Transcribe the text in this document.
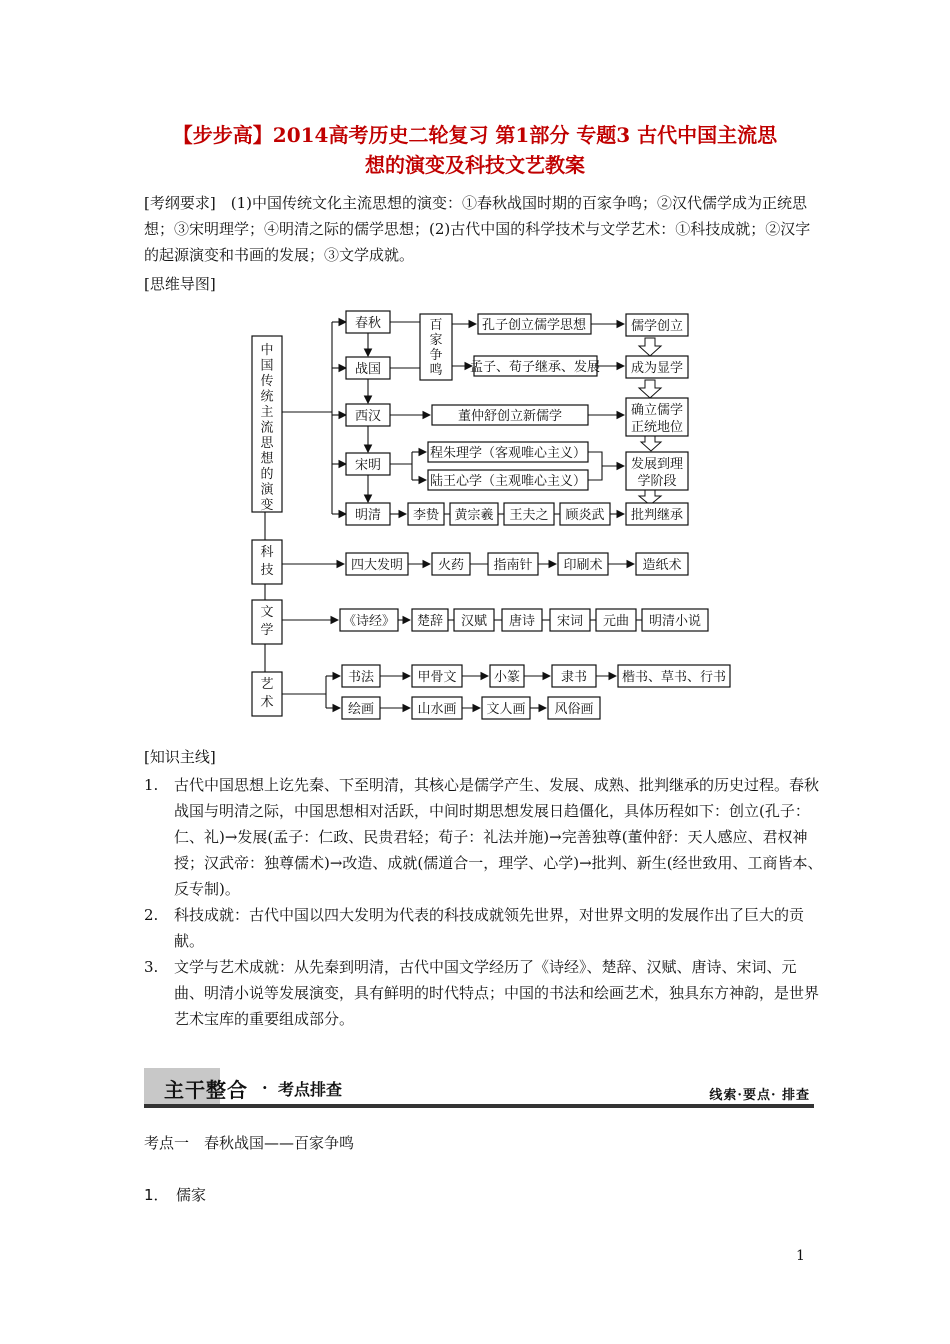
【步步高】2014高考历史二轮复习 第1部分 专题3 古代中国主流思
想的演变及科技文艺教案

[考纲要求]　 (1)中国传统文化主流思想的演变：①春秋战国时期的百家争鸣；②汉代儒学成为正统思想；③宋明理学；④明清之际的儒学思想；(2)古代中国的科学技术与文学艺术：①科技成就；②汉字的起源演变和书画的发展；③文学成就。

[思维导图]
中国传统主流思想的演变
科技
文学
艺术
春秋
战国
西汉
宋明
明清
百家争鸣
孔子创立儒学思想
孟子、荀子继承、发展
董仲舒创立新儒学
程朱理学（客观唯心主义）
陆王心学（主观唯心主义）
李贽 黄宗羲 王夫之 顾炎武
儒学创立
成为显学
确立儒学正统地位
发展到理学阶段
批判继承
四大发明	火药 指南针 印刷术	造纸术
《诗经》 楚辞 汉赋 唐诗 宋词 元曲 明清小说
书法	甲骨文	小篆	隶书	楷书、草书、行书
绘画	山水画 文人画 风俗画
[知识主线]

1. 古代中国思想上讫先秦、下至明清，其核心是儒学产生、发展、成熟、批判继承的历史过程。春秋战国与明清之际，中国思想相对活跃，中间时期思想发展日趋僵化，具体历程如下：创立(孔子：仁、礼)→发展(孟子：仁政、民贵君轻；荀子：礼法并施)→完善独尊(董仲舒：天人感应、君权神授；汉武帝：独尊儒术)→改造、成就(儒道合一，理学、心学)→批判、新生(经世致用、工商皆本、反专制)。

2. 科技成就：古代中国以四大发明为代表的科技成就领先世界，对世界文明的发展作出了巨大的贡献。

3. 文学与艺术成就：从先秦到明清，古代中国文学经历了《诗经》、楚辞、汉赋、唐诗、宋词、元曲、明清小说等发展演变，具有鲜明的时代特点；中国的书法和绘画艺术，独具东方神韵，是世界艺术宝库的重要组成部分。

主干整合 · 考点排查	线索·要点· 排查
考点一　春秋战国——百家争鸣
1．　儒家
1
